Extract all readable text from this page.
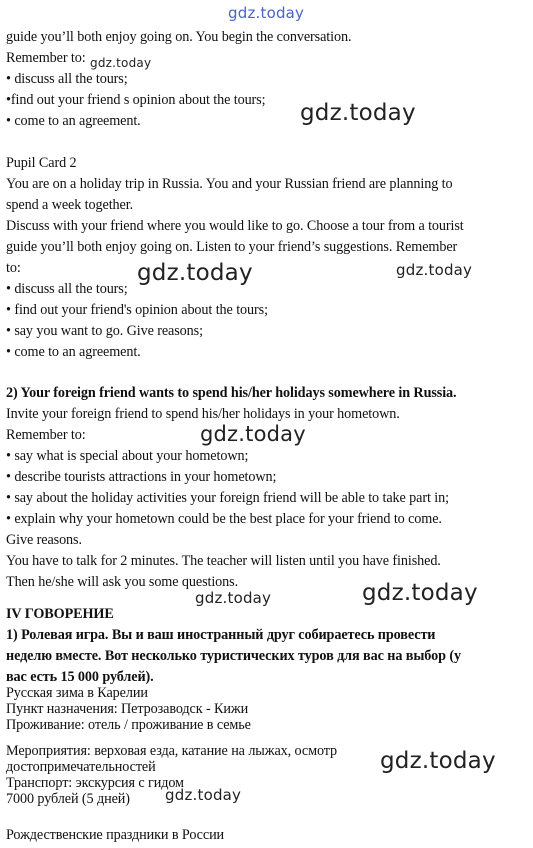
guide you’ll both enjoy going on. You begin the conversation.
Remember to:
• discuss all the tours;
•find out your friend s opinion about the tours;
• come to an agreement.
Pupil Card 2
You are on a holiday trip in Russia. You and your Russian friend are planning to
spend a week together.
Discuss with your friend where you would like to go. Choose a tour from a tourist
guide you’ll both enjoy going on. Listen to your friend’s suggestions. Remember
to:
• discuss all the tours;
• find out your friend's opinion about the tours;
• say you want to go. Give reasons;
• come to an agreement.
2) Your foreign friend wants to spend his/her holidays somewhere in Russia.
Invite your foreign friend to spend his/her holidays in your hometown.
Remember to:
• say what is special about your hometown;
• describe tourists attractions in your hometown;
• say about the holiday activities your foreign friend will be able to take part in;
• explain why your hometown could be the best place for your friend to come.
Give reasons.
You have to talk for 2 minutes. The teacher will listen until you have finished.
Then he/she will ask you some questions.
IV ГОВОРЕНИЕ
1) Ролевая игра. Вы и ваш иностранный друг собираетесь провести
неделю вместе. Вот несколько туристических туров для вас на выбор (у
вас есть 15 000 рублей).
Русская зима в Карелии
Пункт назначения: Петрозаводск - Кижи
Проживание: отель / проживание в семье
Мероприятия: верховая езда, катание на лыжах, осмотр
достопримечательностей
Транспорт: экскурсия с гидом
7000 рублей (5 дней)
Рождественские праздники в России
gdz.today
gdz.today
gdz.today
gdz.today	gdz.today
gdz.today
gdz.today	gdz.today
gdz.today
gdz.today
